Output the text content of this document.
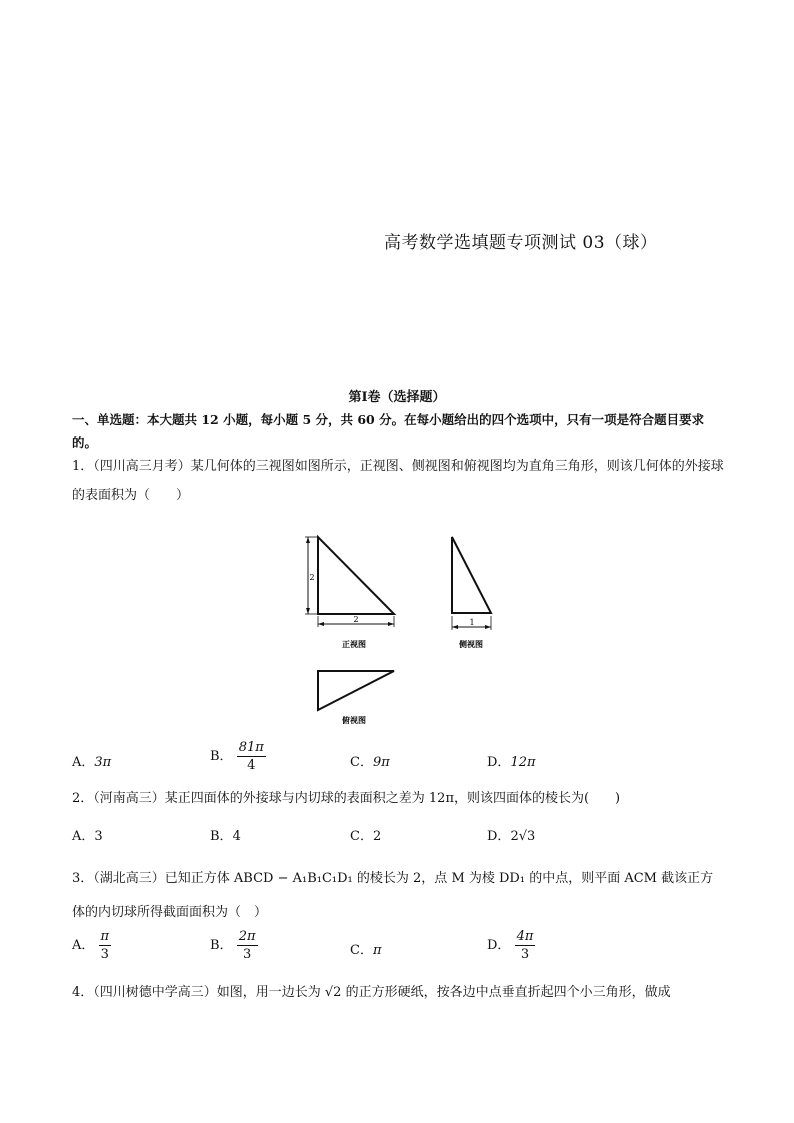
高考数学选填题专项测试 03（球）
第Ⅰ卷（选择题）
一、单选题：本大题共 12 小题，每小题 5 分，共 60 分。在每小题给出的四个选项中，只有一项是符合题目要求的。
1．（四川高三月考）某几何体的三视图如图所示，正视图、侧视图和俯视图均为直角三角形，则该几何体的外接球的表面积为（　　）
2
2
正视图
1
侧视图
俯视图
A．3π	B． $\frac{81\pi}{4}$	C．9π	D．12π
2．（河南高三）某正四面体的外接球与内切球的表面积之差为 12π，则该四面体的棱长为(　　)
A．3	B．4	C．2	D．2√3
3．（湖北高三）已知正方体 ABCD − A₁B₁C₁D₁ 的棱长为 2，点 M 为棱 DD₁ 的中点，则平面 ACM 截该正方体的内切球所得截面面积为（　）
A． $\frac{\pi}{3}$	B． $\frac{2\pi}{3}$	C．π	D． $\frac{4\pi}{3}$
4．（四川树德中学高三）如图，用一边长为 √2 的正方形硬纸，按各边中点垂直折起四个小三角形，做成
